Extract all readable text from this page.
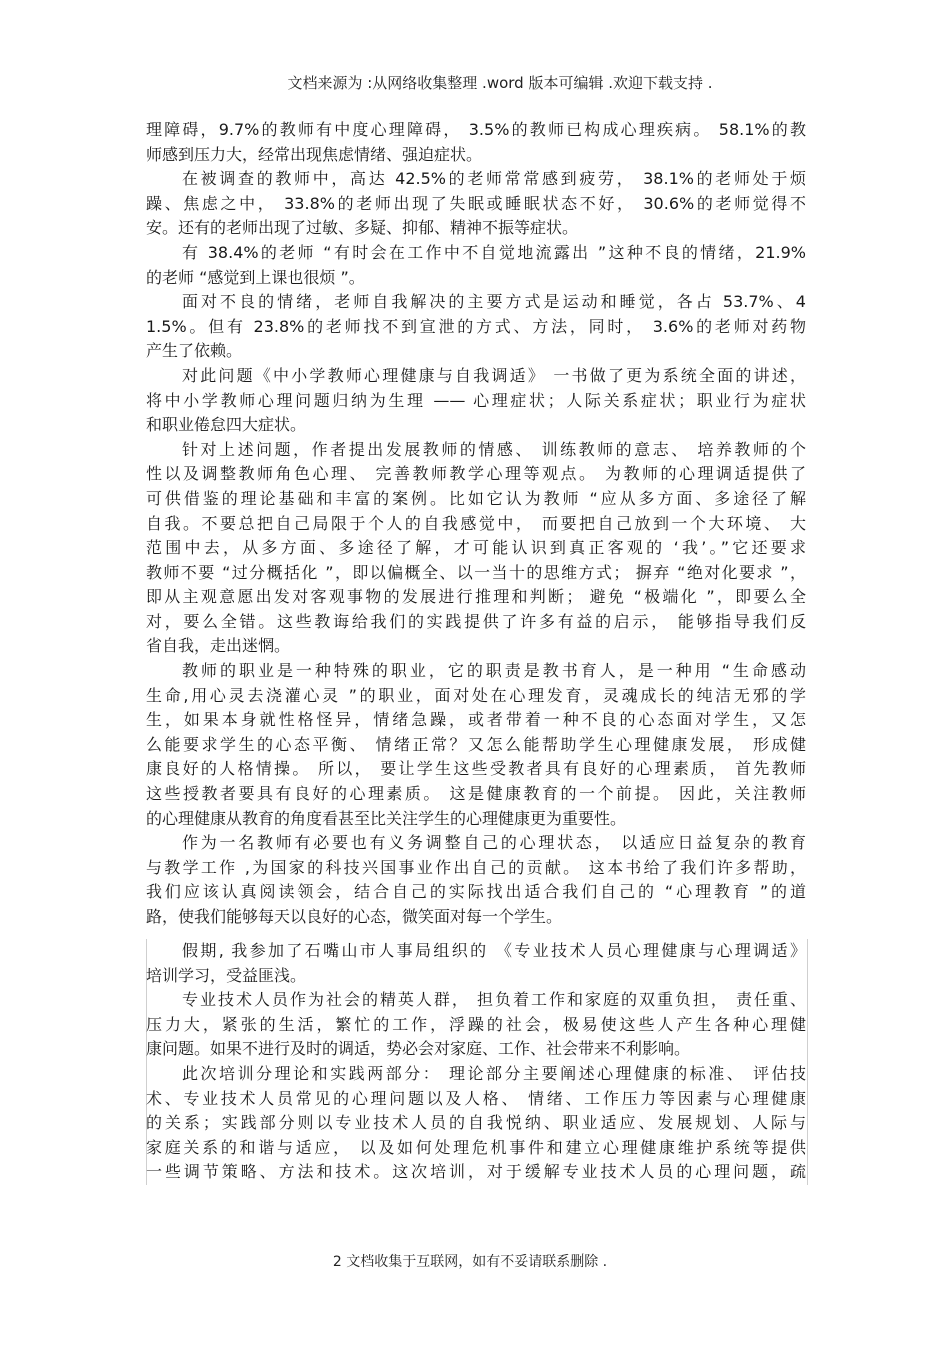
文档来源为 :从网络收集整理 .word 版本可编辑 .欢迎下载支持 .
理障碍，9.7%的教师有中度心理障碍， 3.5%的教师已构成心理疾病。 58.1%的教
师感到压力大，经常出现焦虑情绪、强迫症状。
在被调查的教师中，高达 42.5%的老师常常感到疲劳， 38.1%的老师处于烦
躁、焦虑之中， 33.8%的老师出现了失眠或睡眠状态不好， 30.6%的老师觉得不
安。还有的老师出现了过敏、多疑、抑郁、精神不振等症状。
有 38.4%的老师 “有时会在工作中不自觉地流露出 ”这种不良的情绪，21.9%
的老师 “感觉到上课也很烦 ”。
面对不良的情绪，老师自我解决的主要方式是运动和睡觉，各占 53.7%、4
1.5%。但有 23.8%的老师找不到宣泄的方式、方法，同时， 3.6%的老师对药物
产生了依赖。
对此问题《中小学教师心理健康与自我调适》 一书做了更为系统全面的讲述，
将中小学教师心理问题归纳为生理 —— 心理症状；人际关系症状；职业行为症状
和职业倦怠四大症状。
针对上述问题，作者提出发展教师的情感、 训练教师的意志、 培养教师的个
性以及调整教师角色心理、 完善教师教学心理等观点。 为教师的心理调适提供了
可供借鉴的理论基础和丰富的案例。比如它认为教师 “应从多方面、多途径了解
自我。不要总把自己局限于个人的自我感觉中， 而要把自己放到一个大环境、 大
范围中去，从多方面、多途径了解，才可能认识到真正客观的 ‘我’。”它还要求
教师不要 “过分概括化 ”，即以偏概全、以一当十的思维方式； 摒弃 “绝对化要求 ”，
即从主观意愿出发对客观事物的发展进行推理和判断； 避免 “极端化 ”，即要么全
对，要么全错。这些教诲给我们的实践提供了许多有益的启示， 能够指导我们反
省自我，走出迷惘。
教师的职业是一种特殊的职业，它的职责是教书育人，是一种用 “生命感动
生命,用心灵去浇灌心灵 ”的职业，面对处在心理发育，灵魂成长的纯洁无邪的学
生，如果本身就性格怪异，情绪急躁，或者带着一种不良的心态面对学生，又怎
么能要求学生的心态平衡、 情绪正常？又怎么能帮助学生心理健康发展， 形成健
康良好的人格情操。 所以， 要让学生这些受教者具有良好的心理素质， 首先教师
这些授教者要具有良好的心理素质。 这是健康教育的一个前提。 因此，关注教师
的心理健康从教育的角度看甚至比关注学生的心理健康更为重要性。
作为一名教师有必要也有义务调整自己的心理状态， 以适应日益复杂的教育
与教学工作 ,为国家的科技兴国事业作出自己的贡献。 这本书给了我们许多帮助，
我们应该认真阅读领会，结合自己的实际找出适合我们自己的 “心理教育 ”的道
路，使我们能够每天以良好的心态，微笑面对每一个学生。
假期, 我参加了石嘴山市人事局组织的 《专业技术人员心理健康与心理调适》
培训学习，受益匪浅。
专业技术人员作为社会的精英人群， 担负着工作和家庭的双重负担， 责任重、
压力大，紧张的生活，繁忙的工作，浮躁的社会，极易使这些人产生各种心理健
康问题。如果不进行及时的调适，势必会对家庭、工作、社会带来不利影响。
此次培训分理论和实践两部分： 理论部分主要阐述心理健康的标准、 评估技
术、专业技术人员常见的心理问题以及人格、 情绪、工作压力等因素与心理健康
的关系；实践部分则以专业技术人员的自我悦纳、职业适应、发展规划、人际与
家庭关系的和谐与适应， 以及如何处理危机事件和建立心理健康维护系统等提供
一些调节策略、方法和技术。这次培训，对于缓解专业技术人员的心理问题，疏
2 文档收集于互联网，如有不妥请联系删除 .
